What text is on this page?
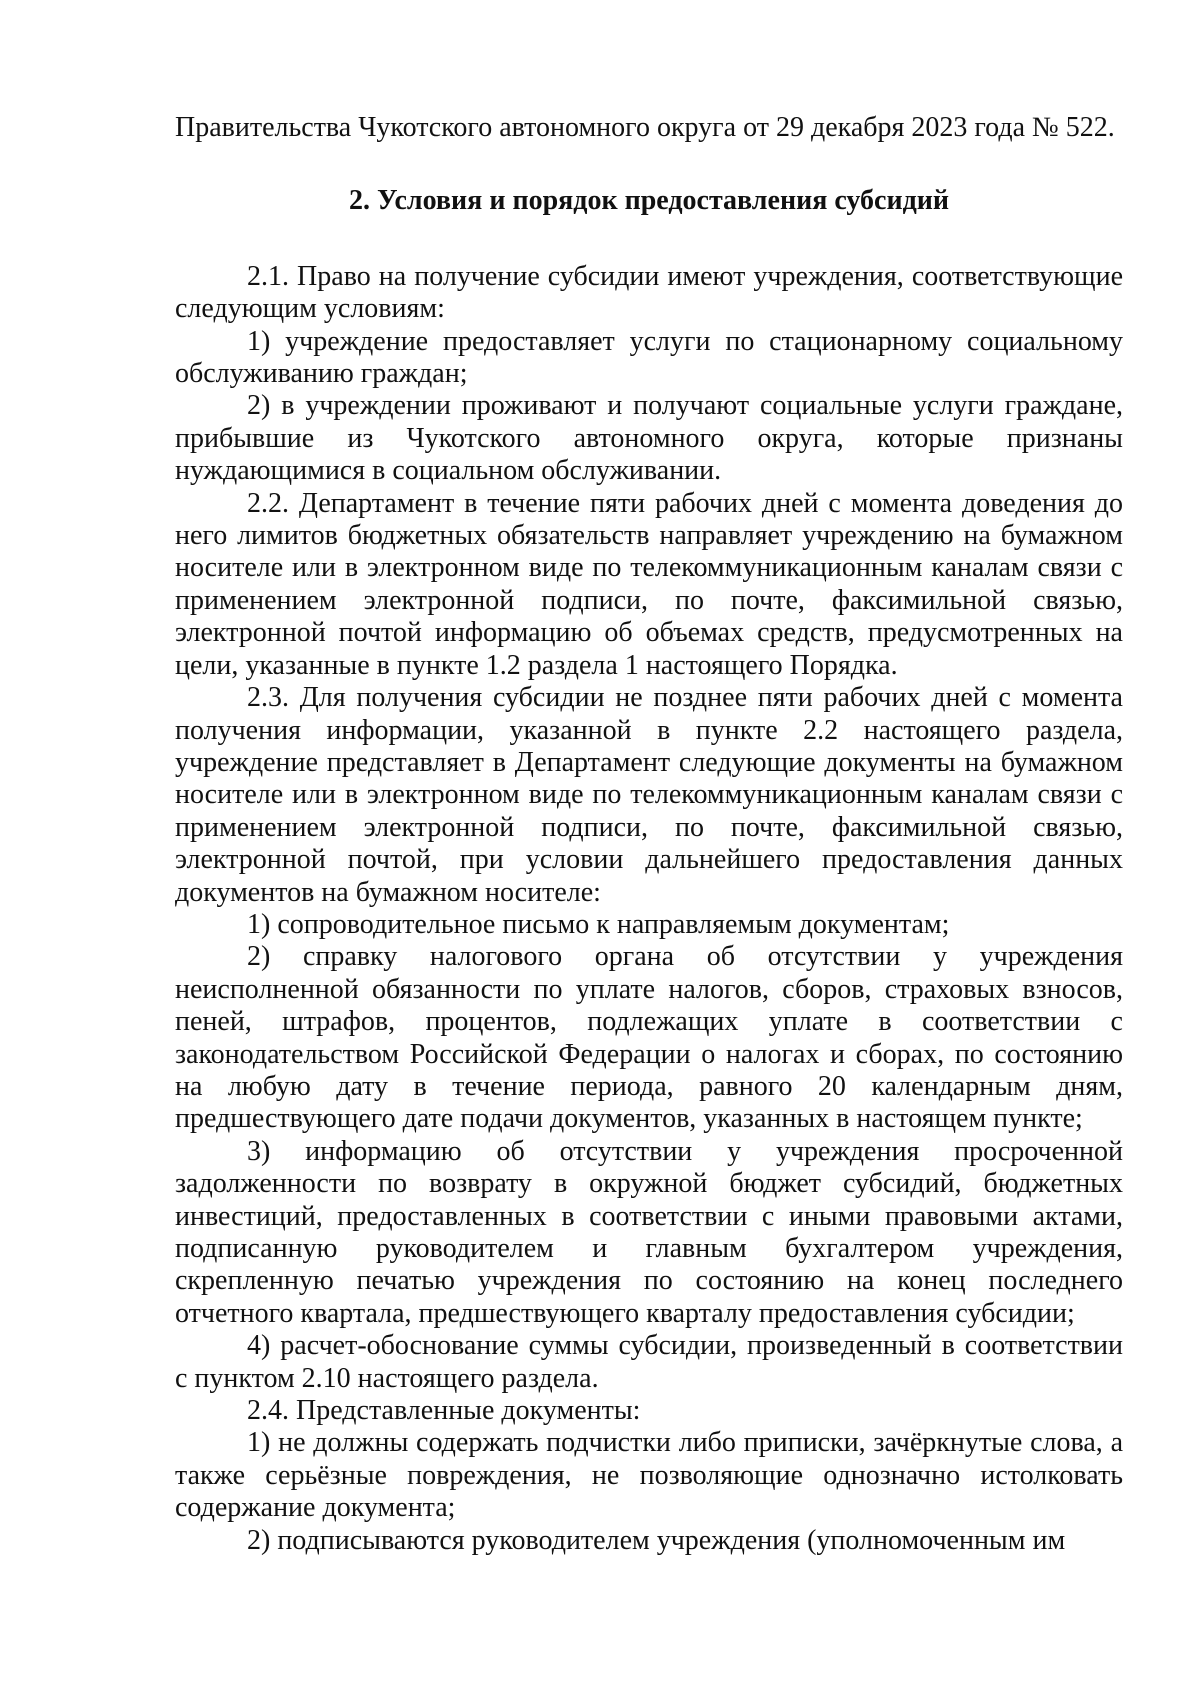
Правительства Чукотского автономного округа от 29 декабря 2023 года № 522.

2. Условия и порядок предоставления субсидий

2.1. Право на получение субсидии имеют учреждения, соответствующие следующим условиям:

1) учреждение предоставляет услуги по стационарному социальному обслуживанию граждан;

2) в учреждении проживают и получают социальные услуги граждане, прибывшие из Чукотского автономного округа, которые признаны нуждающимися в социальном обслуживании.

2.2. Департамент в течение пяти рабочих дней с момента доведения до него лимитов бюджетных обязательств направляет учреждению на бумажном носителе или в электронном виде по телекоммуникационным каналам связи с применением электронной подписи, по почте, факсимильной связью, электронной почтой информацию об объемах средств, предусмотренных на цели, указанные в пункте 1.2 раздела 1 настоящего Порядка.

2.3. Для получения субсидии не позднее пяти рабочих дней с момента получения информации, указанной в пункте 2.2 настоящего раздела, учреждение представляет в Департамент следующие документы на бумажном носителе или в электронном виде по телекоммуникационным каналам связи с применением электронной подписи, по почте, факсимильной связью, электронной почтой, при условии дальнейшего предоставления данных документов на бумажном носителе:

1) сопроводительное письмо к направляемым документам;

2) справку налогового органа об отсутствии у учреждения неисполненной обязанности по уплате налогов, сборов, страховых взносов, пеней, штрафов, процентов, подлежащих уплате в соответствии с законодательством Российской Федерации о налогах и сборах, по состоянию на любую дату в течение периода, равного 20 календарным дням, предшествующего дате подачи документов, указанных в настоящем пункте;

3) информацию об отсутствии у учреждения просроченной задолженности по возврату в окружной бюджет субсидий, бюджетных инвестиций, предоставленных в соответствии с иными правовыми актами, подписанную руководителем и главным бухгалтером учреждения, скрепленную печатью учреждения по состоянию на конец последнего отчетного квартала, предшествующего кварталу предоставления субсидии;

4) расчет-обоснование суммы субсидии, произведенный в соответствии с пунктом 2.10 настоящего раздела.

2.4. Представленные документы:

1) не должны содержать подчистки либо приписки, зачёркнутые слова, а также серьёзные повреждения, не позволяющие однозначно истолковать содержание документа;

2) подписываются руководителем учреждения (уполномоченным им
